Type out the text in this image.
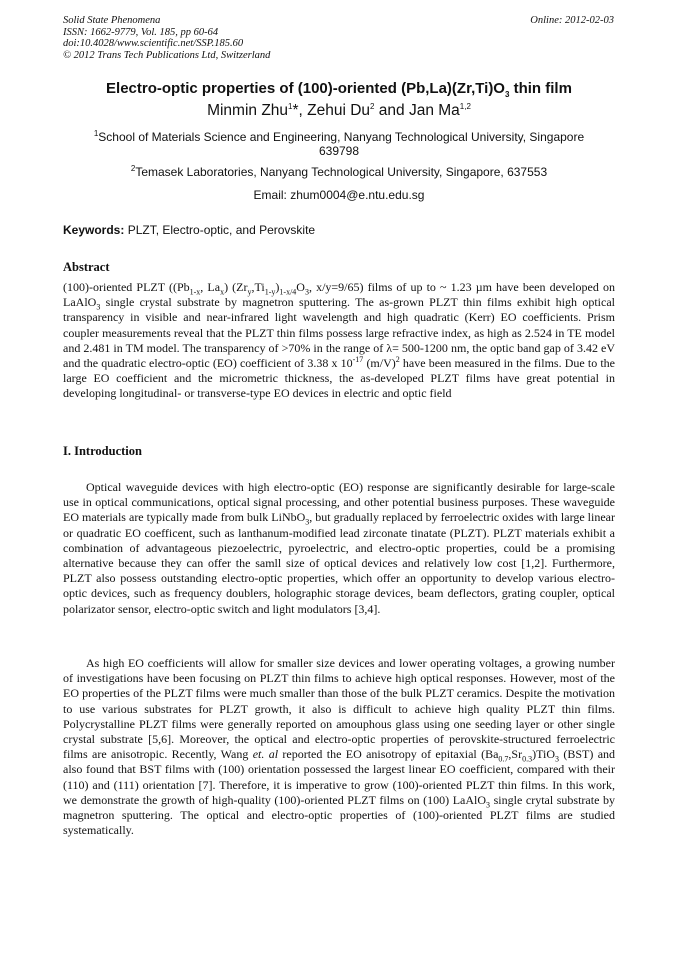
Solid State Phenomena
ISSN: 1662-9779, Vol. 185, pp 60-64
doi:10.4028/www.scientific.net/SSP.185.60
© 2012 Trans Tech Publications Ltd, Switzerland
Online: 2012-02-03
Electro-optic properties of (100)-oriented $(Pb,La)(Zr,Ti)O_3$ thin film
Minmin Zhu$^1$*, Zehui Du$^2$ and Jan Ma$^{1,2}$
$^1$School of Materials Science and Engineering, Nanyang Technological University, Singapore
639798
$^2$Temasek Laboratories, Nanyang Technological University, Singapore, 637553
Email: zhum0004@e.ntu.edu.sg
Keywords: PLZT, Electro-optic, and Perovskite
Abstract
(100)-oriented PLZT (($Pb_{1-x}$, $La_x$) $(Zr_y,Ti_{1-y})_{1-x/4}O_3$, x/y=9/65) films of up to ~ 1.23 µm have been developed on LaAlO$_3$ single crystal substrate by magnetron sputtering. The as-grown PLZT thin films exhibit high optical transparency in visible and near-infrared light wavelength and high quadratic (Kerr) EO coefficients. Prism coupler measurements reveal that the PLZT thin films possess large refractive index, as high as 2.524 in TE model and 2.481 in TM model. The transparency of >70% in the range of λ= 500-1200 nm, the optic band gap of 3.42 eV and the quadratic electro-optic (EO) coefficient of 3.38 x $10^{-17}$ $(m/V)^2$ have been measured in the films. Due to the large EO coefficient and the micrometric thickness, the as-developed PLZT films have great potential in developing longitudinal- or transverse-type EO devices in electric and optic field
I. Introduction
Optical waveguide devices with high electro-optic (EO) response are significantly desirable for large-scale use in optical communications, optical signal processing, and other potential business purposes. These waveguide EO materials are typically made from bulk LiNbO$_3$, but gradually replaced by ferroelectric oxides with large linear or quadratic EO coefficent, such as lanthanum-modified lead zirconate tinatate (PLZT). PLZT materials exhibit a combination of advantageous piezoelectric, pyroelectric, and electro-optic properties, could be a promising alternative because they can offer the samll size of optical devices and relatively low cost [1,2]. Furthermore, PLZT also possess outstanding electro-optic properties, which offer an opportunity to develop various electro-optic devices, such as frequency doublers, holographic storage devices, beam deflectors, grating coupler, optical polarizator sensor, electro-optic switch and light modulators [3,4].
As high EO coefficients will allow for smaller size devices and lower operating voltages, a growing number of investigations have been focusing on PLZT thin films to achieve high optical responses. However, most of the EO properties of the PLZT films were much smaller than those of the bulk PLZT ceramics. Despite the motivation to use various substrates for PLZT growth, it also is difficult to achieve high quality PLZT thin films. Polycrystalline PLZT films were generally reported on amouphous glass using one seeding layer or other single crystal substrate [5,6]. Moreover, the optical and electro-optic properties of perovskite-structured ferroelectric films are anisotropic. Recently, Wang et. al reported the EO anisotropy of epitaxial $(Ba_{0.7},Sr_{0.3})TiO_3$ (BST) and also found that BST films with (100) orientation possessed the largest linear EO coefficient, compared with their (110) and (111) orientation [7]. Therefore, it is imperative to grow (100)-oriented PLZT thin films. In this work, we demonstrate the growth of high-quality (100)-oriented PLZT films on (100) LaAlO$_3$ single crytal substrate by magnetron sputtering. The optical and electro-optic properties of (100)-oriented PLZT films are studied systematically.
